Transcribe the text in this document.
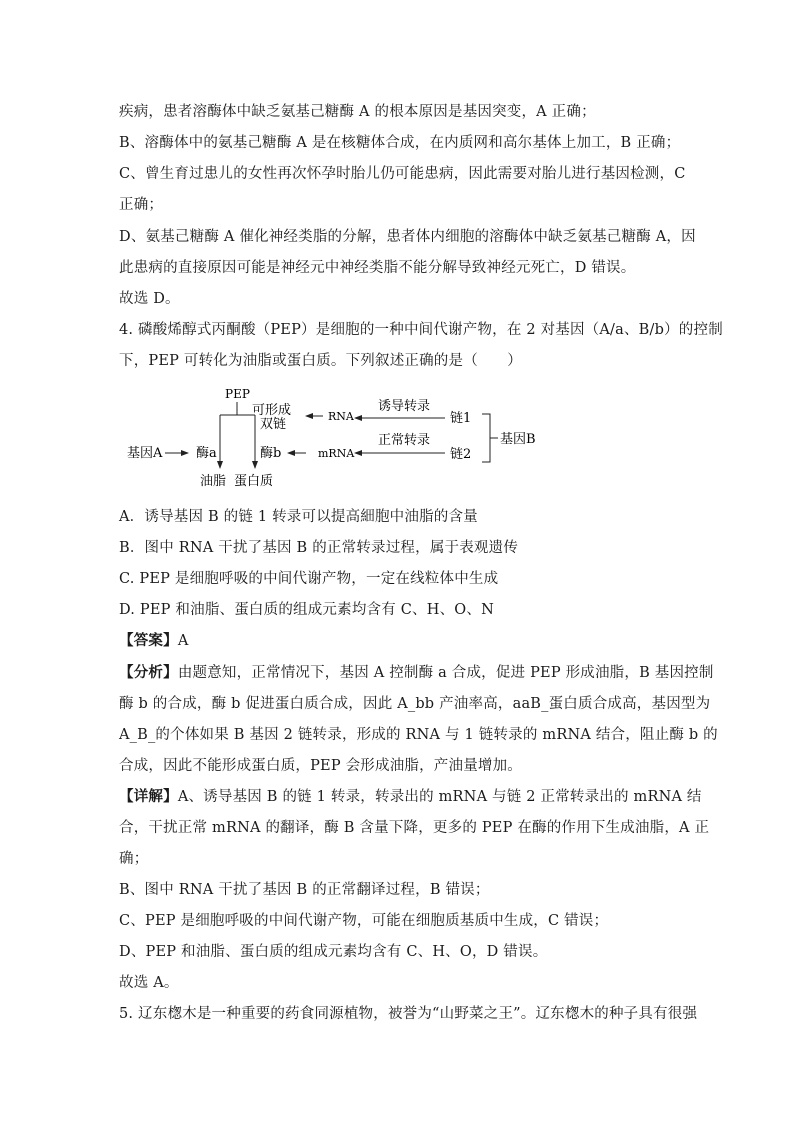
疾病，患者溶酶体中缺乏氨基己糖酶 A 的根本原因是基因突变，A 正确；
B、溶酶体中的氨基己糖酶 A 是在核糖体合成，在内质网和高尔基体上加工，B 正确；
C、曾生育过患儿的女性再次怀孕时胎儿仍可能患病，因此需要对胎儿进行基因检测，C
正确；
D、氨基己糖酶 A 催化神经类脂的分解，患者体内细胞的溶酶体中缺乏氨基己糖酶 A，因
此患病的直接原因可能是神经元中神经类脂不能分解导致神经元死亡，D 错误。
故选 D。
4. 磷酸烯醇式丙酮酸（PEP）是细胞的一种中间代谢产物，在 2 对基因（A/a、B/b）的控制
下，PEP 可转化为油脂或蛋白质。下列叙述正确的是（　　）
PEP
基因A	酶a
油脂 蛋白质
酶b
可形成
双链
RNA
mRNA
诱导转录
正常转录
链1
链2
基因B
A．诱导基因 B 的链 1 转录可以提高細胞中油脂的含量
B．图中 RNA 干扰了基因 B 的正常转录过程，属于表观遗传
C. PEP 是细胞呼吸的中间代谢产物，一定在线粒体中生成
D. PEP 和油脂、蛋白质的组成元素均含有 C、H、O、N
【答案】A
【分析】由题意知，正常情况下，基因 A 控制酶 a 合成，促进 PEP 形成油脂，B 基因控制
酶 b 的合成，酶 b 促进蛋白质合成，因此 A_bb 产油率高，aaB_蛋白质合成高，基因型为
A_B_的个体如果 B 基因 2 链转录，形成的 RNA 与 1 链转录的 mRNA 结合，阻止酶 b 的
合成，因此不能形成蛋白质，PEP 会形成油脂，产油量增加。
【详解】A、诱导基因 B 的链 1 转录，转录出的 mRNA 与链 2 正常转录出的 mRNA 结
合，干扰正常 mRNA 的翻译，酶 B 含量下降，更多的 PEP 在酶的作用下生成油脂，A 正
确；
B、图中 RNA 干扰了基因 B 的正常翻译过程，B 错误；
C、PEP 是细胞呼吸的中间代谢产物，可能在细胞质基质中生成，C 错误；
D、PEP 和油脂、蛋白质的组成元素均含有 C、H、O，D 错误。
故选 A。
5. 辽东楤木是一种重要的药食同源植物，被誉为“山野菜之王”。辽东楤木的种子具有很强
